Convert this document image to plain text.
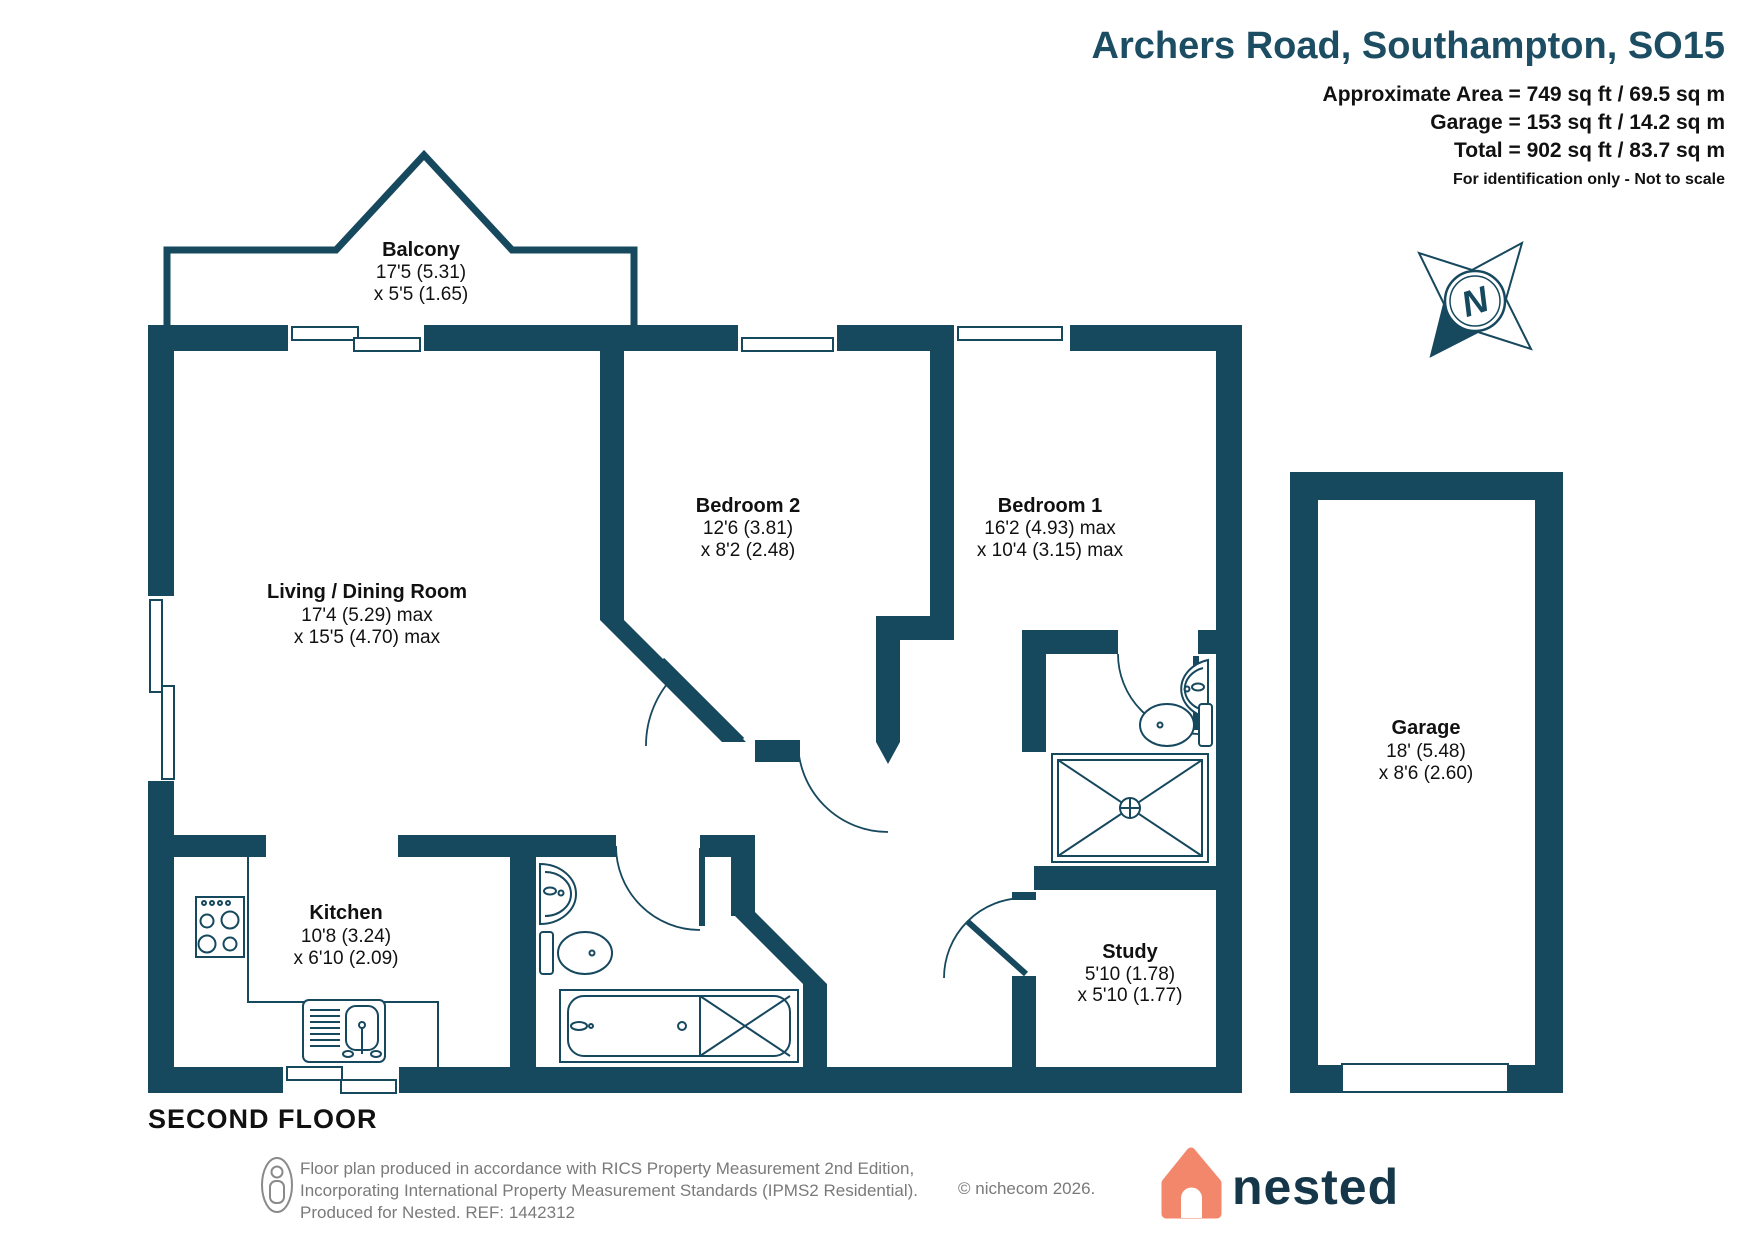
Archers Road, Southampton, SO15
Approximate Area = 749 sq ft / 69.5 sq m
Garage = 153 sq ft / 14.2 sq m
Total = 902 sq ft / 83.7 sq m
For identification only - Not to scale
N
Balcony
17'5 (5.31)
x 5'5 (1.65)
Living / Dining Room
17'4 (5.29) max
x 15'5 (4.70) max
Bedroom 2
12'6 (3.81)
x 8'2 (2.48)
Bedroom 1
16'2 (4.93) max
x 10'4 (3.15) max
Kitchen
10'8 (3.24)
x 6'10 (2.09)	Study
5'10 (1.78)
x 5'10 (1.77)
Garage
18' (5.48)
x 8'6 (2.60)
SECOND FLOOR
Floor plan produced in accordance with RICS Property Measurement 2nd Edition,
Incorporating International Property Measurement Standards (IPMS2 Residential).
Produced for Nested. REF: 1442312
© nichecom 2026.	nested
